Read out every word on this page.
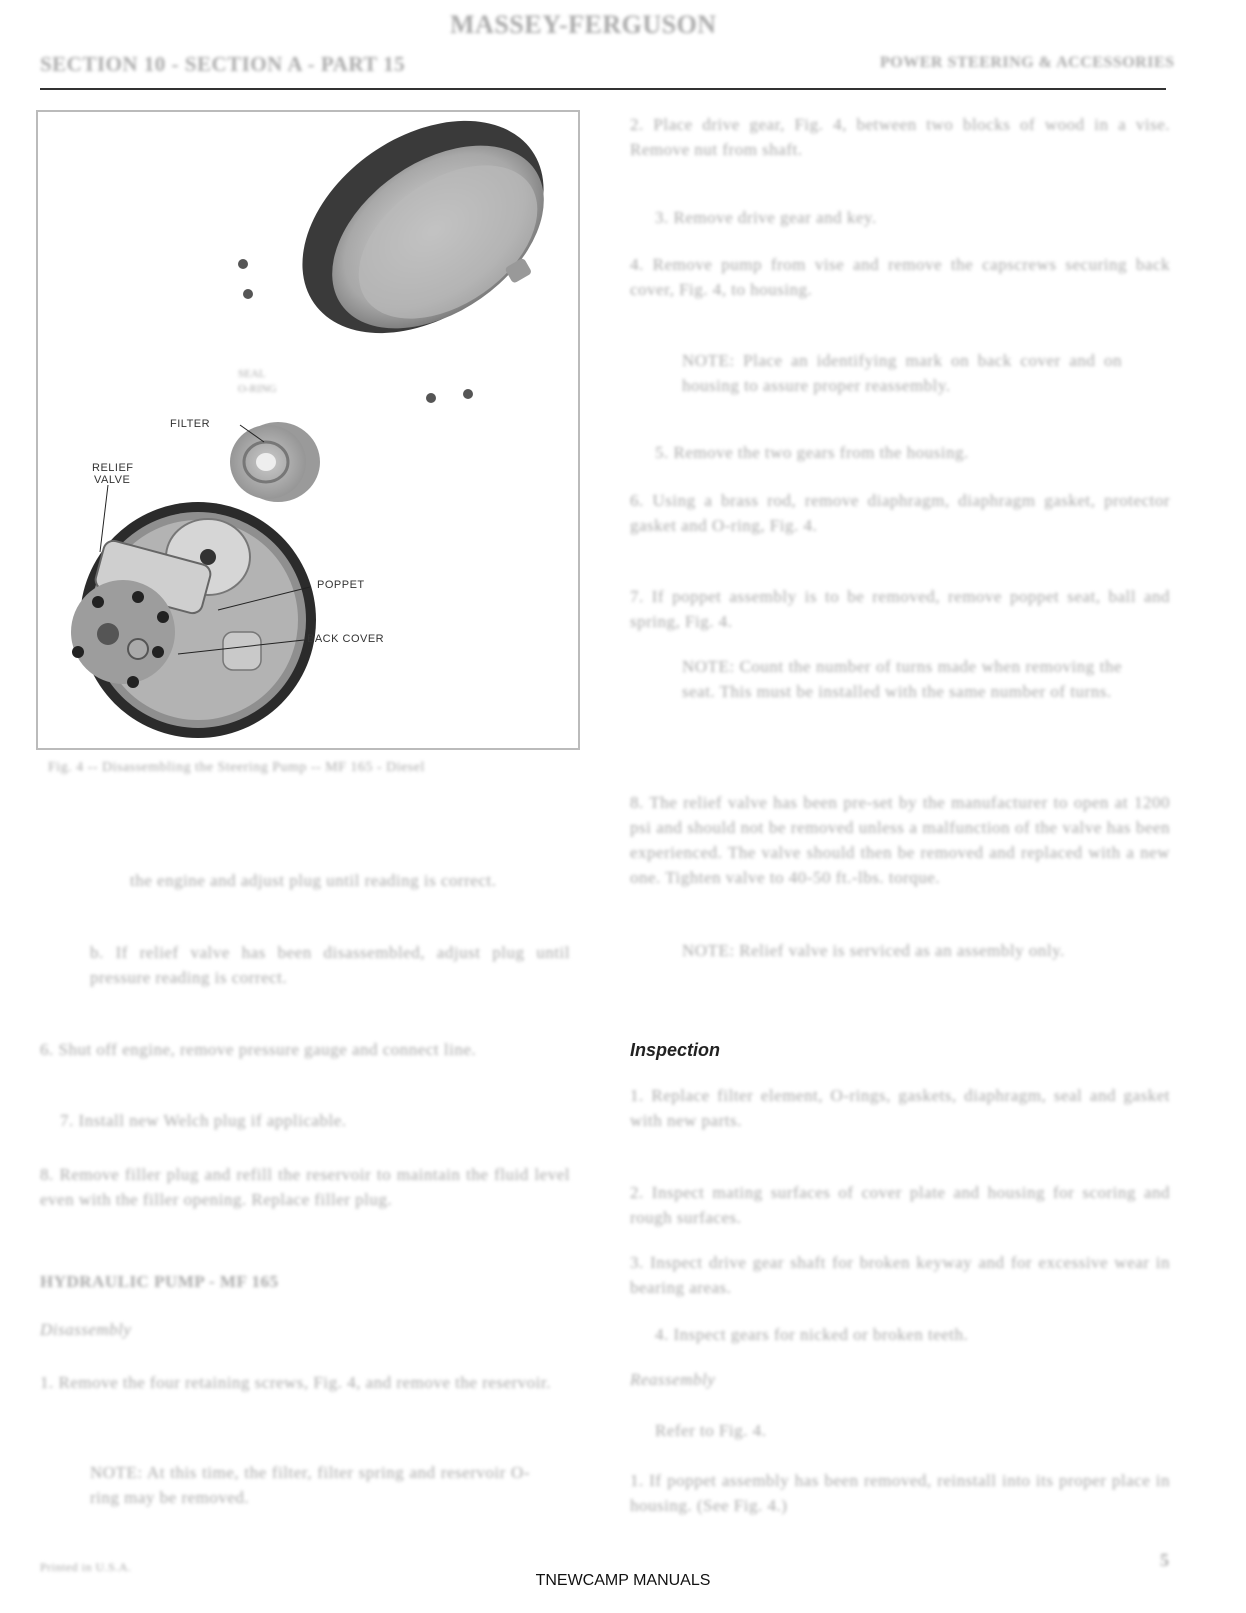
MASSEY-FERGUSON
SECTION 10 - SECTION A - PART 15	POWER STEERING & ACCESSORIES
SEAL
O-RING
FILTER
RELIEF
VALVE
POPPET
BACK COVER
Fig. 4 -- Disassembling the Steering Pump -- MF 165 - Diesel
the engine and adjust plug until reading is correct.
b. If relief valve has been disassembled, adjust plug until pressure reading is correct.
6. Shut off engine, remove pressure gauge and connect line.
7. Install new Welch plug if applicable.
8. Remove filler plug and refill the reservoir to maintain the fluid level even with the filler opening. Replace filler plug.
HYDRAULIC PUMP - MF 165
Disassembly
1. Remove the four retaining screws, Fig. 4, and remove the reservoir.
NOTE: At this time, the filter, filter spring and reservoir O-ring may be removed.
2. Place drive gear, Fig. 4, between two blocks of wood in a vise. Remove nut from shaft.
3. Remove drive gear and key.
4. Remove pump from vise and remove the capscrews securing back cover, Fig. 4, to housing.
NOTE: Place an identifying mark on back cover and on housing to assure proper reassembly.
5. Remove the two gears from the housing.
6. Using a brass rod, remove diaphragm, diaphragm gasket, protector gasket and O-ring, Fig. 4.
7. If poppet assembly is to be removed, remove poppet seat, ball and spring, Fig. 4.
NOTE: Count the number of turns made when removing the seat. This must be installed with the same number of turns.
8. The relief valve has been pre-set by the manufacturer to open at 1200 psi and should not be removed unless a malfunction of the valve has been experienced. The valve should then be removed and replaced with a new one. Tighten valve to 40-50 ft.-lbs. torque.
NOTE: Relief valve is serviced as an assembly only.
Inspection
1. Replace filter element, O-rings, gaskets, diaphragm, seal and gasket with new parts.
2. Inspect mating surfaces of cover plate and housing for scoring and rough surfaces.
3. Inspect drive gear shaft for broken keyway and for excessive wear in bearing areas.
4. Inspect gears for nicked or broken teeth.
Reassembly
Refer to Fig. 4.
1. If poppet assembly has been removed, reinstall into its proper place in housing. (See Fig. 4.)
Printed in U.S.A.	5
TNEWCAMP MANUALS
